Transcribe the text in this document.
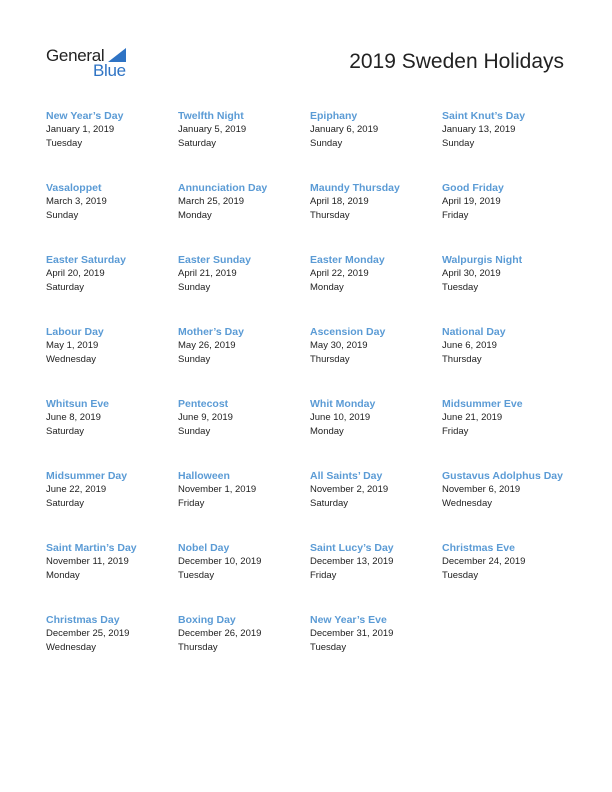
General
Blue	2019 Sweden Holidays
New Year’s Day
January 1, 2019
Tuesday
Twelfth Night
January 5, 2019
Saturday
Epiphany
January 6, 2019
Sunday
Saint Knut’s Day
January 13, 2019
Sunday
Vasaloppet
March 3, 2019
Sunday
Annunciation Day
March 25, 2019
Monday
Maundy Thursday
April 18, 2019
Thursday
Good Friday
April 19, 2019
Friday
Easter Saturday
April 20, 2019
Saturday
Easter Sunday
April 21, 2019
Sunday
Easter Monday
April 22, 2019
Monday
Walpurgis Night
April 30, 2019
Tuesday
Labour Day
May 1, 2019
Wednesday
Mother’s Day
May 26, 2019
Sunday
Ascension Day
May 30, 2019
Thursday
National Day
June 6, 2019
Thursday
Whitsun Eve
June 8, 2019
Saturday
Pentecost
June 9, 2019
Sunday
Whit Monday
June 10, 2019
Monday
Midsummer Eve
June 21, 2019
Friday
Midsummer Day
June 22, 2019
Saturday
Halloween
November 1, 2019
Friday
All Saints’ Day
November 2, 2019
Saturday
Gustavus Adolphus Day
November 6, 2019
Wednesday
Saint Martin’s Day
November 11, 2019
Monday
Nobel Day
December 10, 2019
Tuesday
Saint Lucy’s Day
December 13, 2019
Friday
Christmas Eve
December 24, 2019
Tuesday
Christmas Day
December 25, 2019
Wednesday
Boxing Day
December 26, 2019
Thursday
New Year’s Eve
December 31, 2019
Tuesday
